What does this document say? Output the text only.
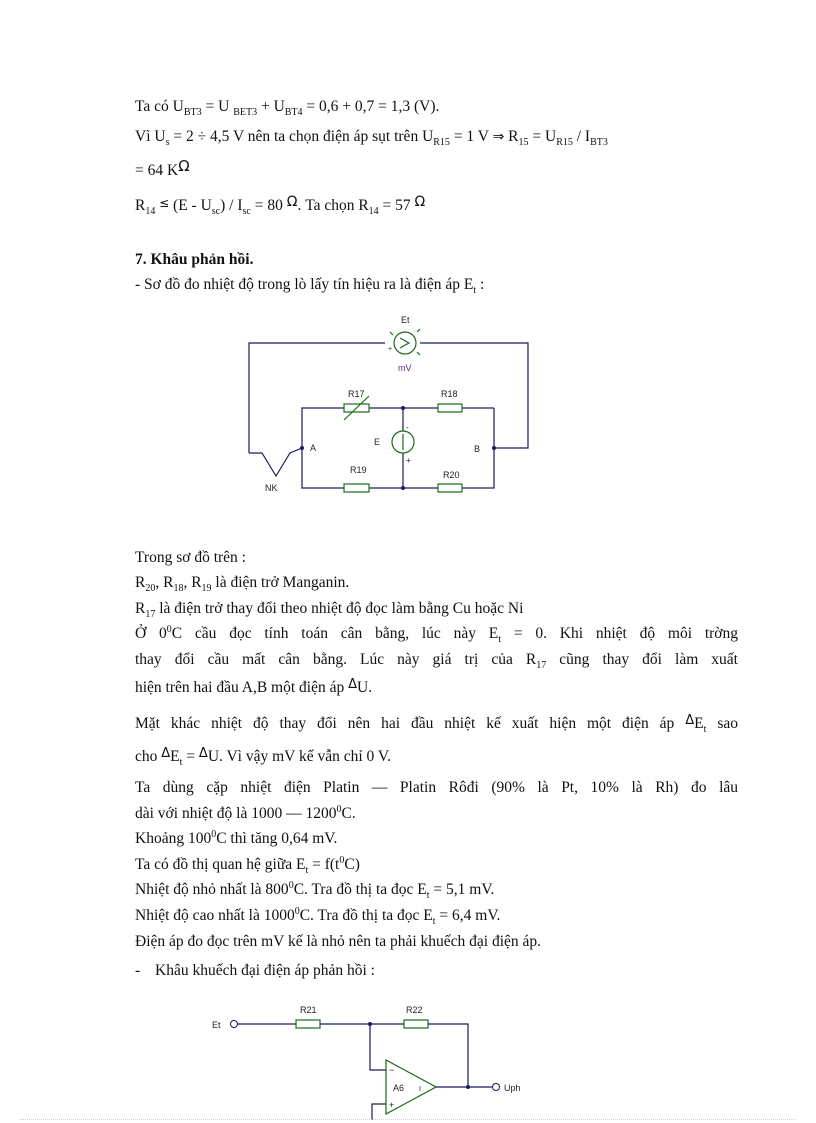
Ta có $U_{BT3} = U$ $_{BET3} + U_{BT4} = 0,6 + 0,7 = 1,3$ (V).
Vì $U_s = 2 \div 4,5$ V nên ta chọn điện áp sụt trên $U_{R15} = 1$ V ⇒ $R_{15} = U_{R15} / I_{BT3}$
= 64 KΩ
$R_{14} \le (E - U_{sc}) / I_{sc} = 80$ Ω. Ta chọn $R_{14} = 57$ Ω
7. Khâu phản hồi.
- Sơ đồ đo nhiệt độ trong lò lấy tín hiệu ra là điện áp $E_t$ :
Et
mV
+
NK
E
-
+
R17	R18
R19	R20
A	B
Trong sơ đồ trên :
$R_{20}$, $R_{18}$, $R_{19}$ là điện trở Manganin.
$R_{17}$ là điện trở thay đổi theo nhiệt độ đọc làm bằng Cu hoặc Ni
Ở $0^0C$ cầu đọc tính toán cân bằng, lúc này $E_t = 0$. Khi nhiệt độ môi trờng
thay đổi cầu mất cân bằng. Lúc này giá trị của $R_{17}$ cũng thay đổi làm xuất
hiện trên hai đầu A,B một điện áp $^\Delta$U.
Mặt khác nhiệt độ thay đổi nên hai đầu nhiệt kế xuất hiện một điện áp $^\Delta E_t$ sao
cho $^\Delta E_t = ^\Delta U$. Vì vậy mV kế vẫn chỉ 0 V.
Ta dùng cặp nhiệt điện Platin — Platin Rôđi (90% là Pt, 10% là Rh) đo lâu
dài với nhiệt độ là 1000 — 1200$^0$C.
Khoảng $100^0C$ thì tăng 0,64 mV.
Ta có đồ thị quan hệ giữa $E_t = f(t^0C)$
Nhiệt độ nhỏ nhất là $800^0C$. Tra đồ thị ta đọc $E_t = 5,1$ mV.
Nhiệt độ cao nhất là 1000$^0$C. Tra đồ thị ta đọc $E_t = 6,4$ mV.
Điện áp đo đọc trên mV kế là nhỏ nên ta phải khuếch đại điện áp.
- Khâu khuếch đại điện áp phản hồi :
Et
R21	R22
−
+
A6 I	Uph
